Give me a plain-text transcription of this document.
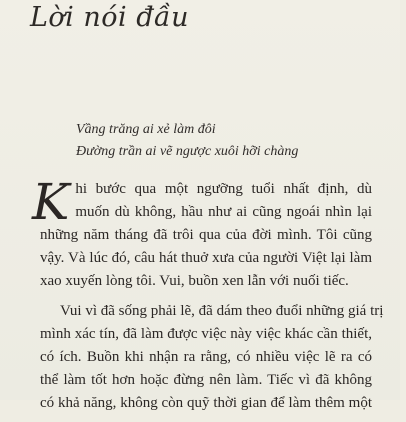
Lời nói đầu
Vầng trăng ai xẻ làm đôi
Đường trần ai vẽ ngược xuôi hỡi chàng
K hi bước qua một ngưỡng tuổi nhất định, dù
muốn dù không, hầu như ai cũng ngoái nhìn lại
những năm tháng đã trôi qua của đời mình. Tôi cũng
vậy. Và lúc đó, câu hát thuở xưa của người Việt lại làm
xao xuyến lòng tôi. Vui, buồn xen lẫn với nuối tiếc.
Vui vì đã sống phải lẽ, đã dám theo đuổi những giá trị
mình xác tín, đã làm được việc này việc khác cần thiết,
có ích. Buồn khi nhận ra rằng, có nhiều việc lẽ ra có
thể làm tốt hơn hoặc đừng nên làm. Tiếc vì đã không
có khả năng, không còn quỹ thời gian để làm thêm một
